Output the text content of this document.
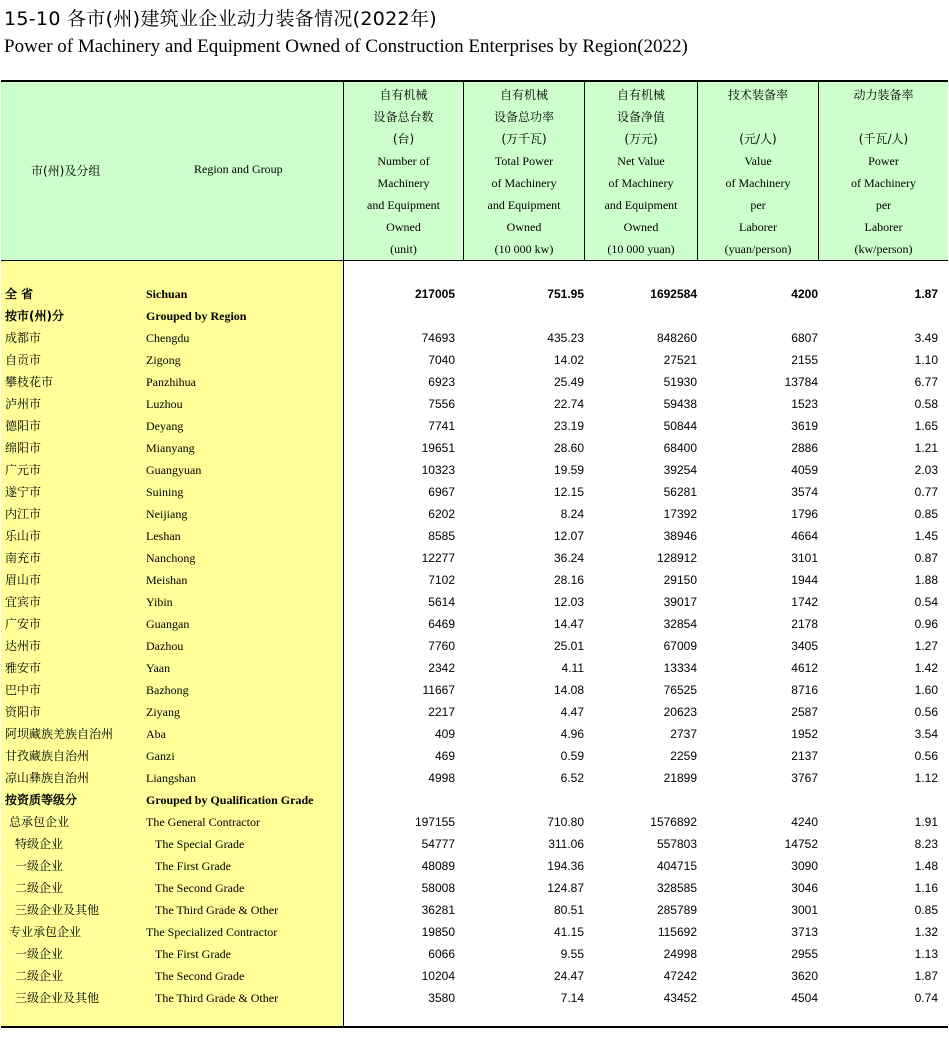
15-10 各市(州)建筑业企业动力装备情况(2022年)
Power of Machinery and Equipment Owned of Construction Enterprises by Region(2022)
市(州)及分组	Region and Group
自有机械
设备总台数
(台)
Number of
Machinery
and Equipment
Owned
(unit)
自有机械
设备总功率
(万千瓦)
Total Power
of Machinery
and Equipment
Owned
(10 000 kw)
自有机械
设备净值
(万元)
Net Value
of Machinery
and Equipment
Owned
(10 000 yuan)
技术装备率
(元/人)
Value
of Machinery
per
Laborer
(yuan/person)
动力装备率
(千瓦/人)
Power
of Machinery
per
Laborer
(kw/person)
全 省	Sichuan	217005	751.95	1692584	4200	1.87
按市(州)分	Grouped by Region
成都市	Chengdu	74693	435.23	848260	6807	3.49
自贡市	Zigong	7040	14.02	27521	2155	1.10
攀枝花市	Panzhihua	6923	25.49	51930	13784	6.77
泸州市	Luzhou	7556	22.74	59438	1523	0.58
德阳市	Deyang	7741	23.19	50844	3619	1.65
绵阳市	Mianyang	19651	28.60	68400	2886	1.21
广元市	Guangyuan	10323	19.59	39254	4059	2.03
遂宁市	Suining	6967	12.15	56281	3574	0.77
内江市	Neijiang	6202	8.24	17392	1796	0.85
乐山市	Leshan	8585	12.07	38946	4664	1.45
南充市	Nanchong	12277	36.24	128912	3101	0.87
眉山市	Meishan	7102	28.16	29150	1944	1.88
宜宾市	Yibin	5614	12.03	39017	1742	0.54
广安市	Guangan	6469	14.47	32854	2178	0.96
达州市	Dazhou	7760	25.01	67009	3405	1.27
雅安市	Yaan	2342	4.11	13334	4612	1.42
巴中市	Bazhong	11667	14.08	76525	8716	1.60
资阳市	Ziyang	2217	4.47	20623	2587	0.56
阿坝藏族羌族自治州	Aba	409	4.96	2737	1952	3.54
甘孜藏族自治州	Ganzi	469	0.59	2259	2137	0.56
凉山彝族自治州	Liangshan	4998	6.52	21899	3767	1.12
按资质等级分	Grouped by Qualification Grade
总承包企业	The General Contractor	197155	710.80	1576892	4240	1.91
特级企业	The Special Grade	54777	311.06	557803	14752	8.23
一级企业	The First Grade	48089	194.36	404715	3090	1.48
二级企业	The Second Grade	58008	124.87	328585	3046	1.16
三级企业及其他	The Third Grade & Other	36281	80.51	285789	3001	0.85
专业承包企业	The Specialized Contractor	19850	41.15	115692	3713	1.32
一级企业	The First Grade	6066	9.55	24998	2955	1.13
二级企业	The Second Grade	10204	24.47	47242	3620	1.87
三级企业及其他	The Third Grade & Other	3580	7.14	43452	4504	0.74
